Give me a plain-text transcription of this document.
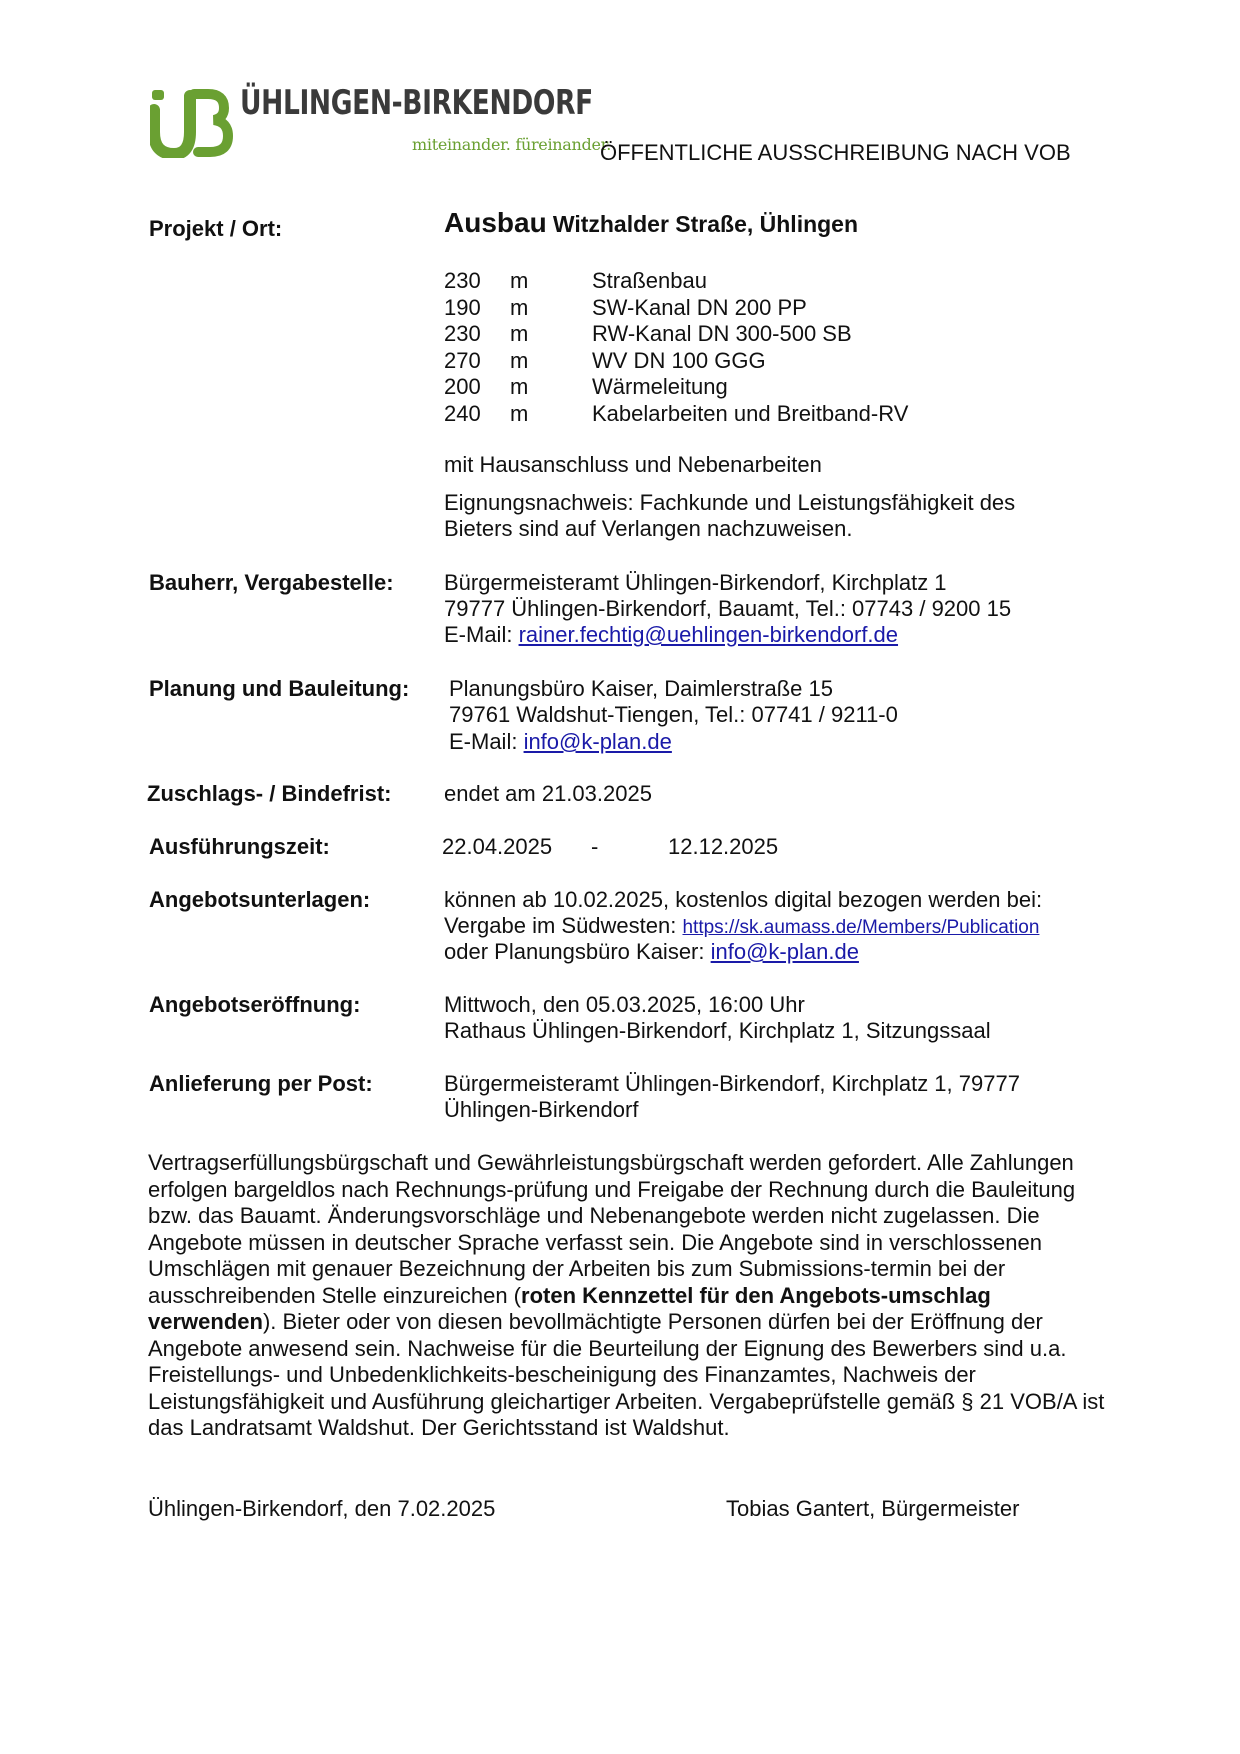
ÜHLINGEN-BIRKENDORF
miteinander. füreinander.
ÖFFENTLICHE AUSSCHREIBUNG NACH VOB
Projekt / Ort:	Ausbau Witzhalder Straße, Ühlingen
230 m	Straßenbau
190 m	SW-Kanal DN 200 PP
230 m	RW-Kanal DN 300-500 SB
270 m	WV DN 100 GGG
200 m	Wärmeleitung
240 m	Kabelarbeiten und Breitband-RV
mit Hausanschluss und Nebenarbeiten
Eignungsnachweis: Fachkunde und Leistungsfähigkeit des
Bieters sind auf Verlangen nachzuweisen.
Bauherr, Vergabestelle: Bürgermeisteramt Ühlingen-Birkendorf, Kirchplatz 1
79777 Ühlingen-Birkendorf, Bauamt, Tel.: 07743 / 9200 15
E-Mail: rainer.fechtig@uehlingen-birkendorf.de
Planung und Bauleitung: Planungsbüro Kaiser, Daimlerstraße 15
79761 Waldshut-Tiengen, Tel.: 07741 / 9211-0
E-Mail: info@k-plan.de
Zuschlags- / Bindefrist: endet am 21.03.2025
Ausführungszeit:	22.04.2025 -	12.12.2025
Angebotsunterlagen:	können ab 10.02.2025, kostenlos digital bezogen werden bei:
Vergabe im Südwesten: https://sk.aumass.de/Members/Publication
oder Planungsbüro Kaiser: info@k-plan.de
Angebotseröffnung:	Mittwoch, den 05.03.2025, 16:00 Uhr
Rathaus Ühlingen-Birkendorf, Kirchplatz 1, Sitzungssaal
Anlieferung per Post:	Bürgermeisteramt Ühlingen-Birkendorf, Kirchplatz 1, 79777
Ühlingen-Birkendorf
Vertragserfüllungsbürgschaft und Gewährleistungsbürgschaft werden gefordert. Alle Zahlungen erfolgen bargeldlos nach Rechnungs-prüfung und Freigabe der Rechnung durch die Bauleitung bzw. das Bauamt. Änderungsvorschläge und Nebenangebote werden nicht zugelassen. Die Angebote müssen in deutscher Sprache verfasst sein. Die Angebote sind in verschlossenen Umschlägen mit genauer Bezeichnung der Arbeiten bis zum Submissions-termin bei der ausschreibenden Stelle einzureichen (roten Kennzettel für den Angebots-umschlag verwenden). Bieter oder von diesen bevollmächtigte Personen dürfen bei der Eröffnung der Angebote anwesend sein. Nachweise für die Beurteilung der Eignung des Bewerbers sind u.a. Freistellungs- und Unbedenklichkeits-bescheinigung des Finanzamtes, Nachweis der Leistungsfähigkeit und Ausführung gleichartiger Arbeiten. Vergabeprüfstelle gemäß § 21 VOB/A ist das Landratsamt Waldshut. Der Gerichtsstand ist Waldshut.
Ühlingen-Birkendorf, den 7.02.2025	Tobias Gantert, Bürgermeister
